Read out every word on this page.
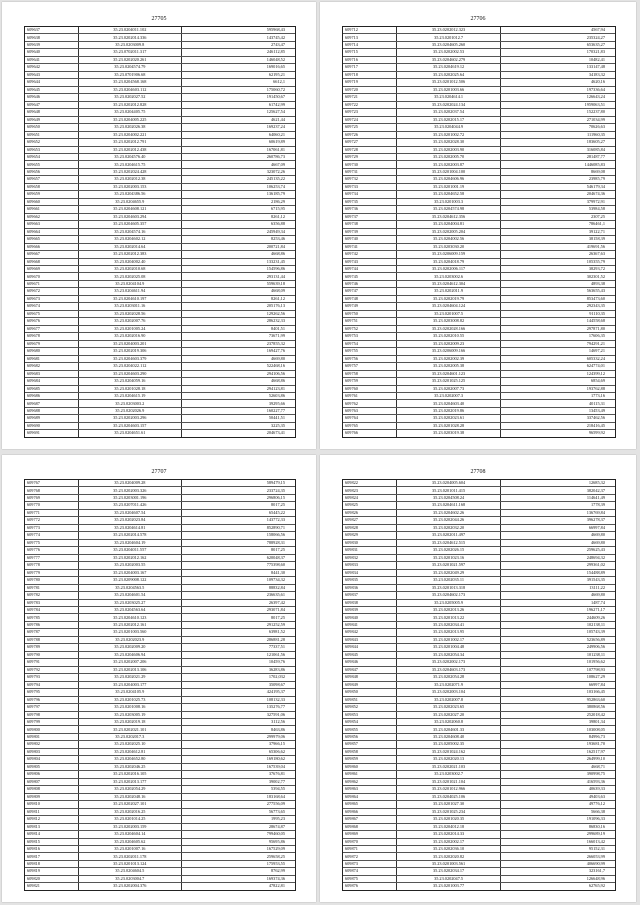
27705
609637	35.23.0204011.102	595968,43
609638	35.23.0202014.336	143745,42
609639	35.23.0203009.8	2743,47
609640	35.23.0702011.317	246112,85
609641	35.23.0202020.261	146048,52
609642	35.23.0204574.79	169016,65
609643	35.23.0701906.68	62195,21
609644	35.23.0204568.168	6612,1
609645	35.23.0204603.112	175060,72
609646	35.23.0202027.52	191450,67
609647	35.23.0202012.828	61742,99
609648	35.23.0204405.75	125627,54
609649	35.23.0204005.225	4621,44
609650	35.23.0202026.38	169237,24
609651	35.23.0204002.221	64060,21
609652	35.23.0202012.791	60619,89
609653	35.23.0202012.438	167061,81
609654	35.23.0204576.40	260786,73
609655	35.23.0204615.75	4667,09
609656	35.23.0202024.428	323072,26
609657	35.23.0202012.38	245135,22
609658	35.23.0202003.153	106253,74
609659	35.23.0204386.56	136185,79
609660	35.23.0204655.9	2186,29
609661	35.23.0204608.121	6715,95
609662	35.23.0204603.294	8261,12
609663	35.23.0204605.357	6356,88
609664	35.23.0204574.16	245949,34
609665	35.23.0204602.12	8253,46
609666	35.23.0202014.64	200721,84
609667	35.23.0202012.383	4668,86
609668	35.23.0204002.40	133231,45
609669	35.23.0202010.68	154596,86
609670	35.23.0202025.08	293131,44
609671	35.23.0204104.9	559639,18
609672	35.23.0204611.94	4668,09
609673	35.23.0204610.197	8261,12
609674	35.23.0203011.16	205176,13
609675	35.23.0202028.56	129262,56
609676	35.23.0202007.76	286232,33
609677	35.23.0201005.24	8401,51
609678	35.23.0202016.90	73671,99
609679	35.23.0204003.201	237855,32
609680	35.23.0202019.306	169427,76
609681	35.23.0204603.379	4669,80
609682	35.23.0204022.112	522468,16
609683	35.23.0204603.290	294106,56
609684	35.23.0204059.16	4668,86
609685	35.23.0201028.18	294123,81
609686	35.23.0204615.19	52603,86
609687	35.23.0203003.2	39295,66
609688	35.23.0202026.9	160227,77
609689	35.23.0202003.296	50441,51
609690	35.23.0204603.157	3225,35
609691	35.23.0204651.61	204673,41
27706
609712	35.23.0202012.323	4567,94
609713	35.23.0201012.7	235324,27
609714	35.23.0204605.260	653635,27
609715	35.23.0202002.53	170321,83
609716	35.23.0204602.279	10482,41
609717	35.23.0204619.12	133147,48
609718	35.23.0202025.64	34183,32
609719	35.23.0201012.506	4620,16
609720	35.23.0201003.66	197336,64
609721	35.23.0204614.1	126643,24
609722	35.23.0202024.134	1959063,51
609723	35.23.0202037.54	152237,80
609724	35.23.0202015.17	271034,99
609725	35.23.0204044.9	70626,63
609726	35.23.0201002.72	111960,35
609727	35.23.0202028.30	183605,27
609728	35.23.0202003.90	316085,84
609729	35.23.0202005.70	281487,77
609730	35.23.0202003.87	1446085,83
609731	35.23.0201004.100	8669,08
609732	35.23.0204606.96	23985,79
609733	35.23.0201001.19	546179,34
609734	35.23.0204652.58	204674,36
609735	35.23.0201003.3	379972,91
609736	35.23.0204574.98	53984,58
609737	35.23.0204612.356	2307,25
609738	35.23.0204004.81	786461,1
609739	35.23.0202005.204	39122,71
609740	35.23.0204002.56	38158,39
609741	35.23.0203030.20	419691,56
609742	35.23.0206009.159	26367,63
609743	35.23.0204018.79	105355,79
609744	35.23.0202006.117	38293,72
609745	35.23.0203002.6	302301,52
609746	35.23.0204612.304	4893,38
609747	35.23.0202011.9	563655,43
609748	35.23.0202019.79	853473,60
609749	35.23.0204604.124	292343,35
609750	35.23.0201007.5	91110,35
609751	35.23.0203008.82	144558,68
609752	35.23.0202028.166	297871,80
609753	35.23.0202010.55	17606,35
609754	35.23.0202009.23	794291,21
609755	35.23.0206009.166	14697,21
609756	35.23.0202002.39	605332,24
609757	35.23.0202005.38	624774,01
609758	35.23.0204601.123	124399,12
609759	35.23.0201025.125	6854,69
609760	35.23.0202007.73	193762,88
609761	35.23.0202007.3	1773,16
609762	35.23.0204603.40	40115,31
609763	35.23.0202019.86	13453,49
609764	35.23.0202023.61	337462,56
609765	35.23.0201028.28	218416,45
609766	35.23.0203019.38	96599,92
27707
609767	35.23.0204009.28	589479,15
609768	35.23.0202003.326	233724,35
609769	35.23.0203001.196	296806,15
609770	35.23.0207011.426	8017,25
609771	35.23.0204607.54	65445,22
609772	35.23.0202023.84	143772,33
609773	35.23.0204614.81	852890,71
609774	35.23.0202014.578	158066,56
609775	35.23.0204604.19	788928,31
609776	35.23.0204011.557	8017,25
609777	35.23.0202012.162	620048,37
609778	35.23.0202003.55	775398,60
609779	35.23.0204003.167	8441,30
609780	35.23.0209008.122	109734,32
609781	35.23.0204563.5	88832,84
609782	35.23.0204601.54	236635,61
609783	35.23.0203025.27	26397,42
609784	35.23.0204563.64	293071,84
609785	35.23.0204610.123	8017,25
609786	35.23.0202012.161	291252,59
609787	35.23.0201003.560	63981,52
609788	35.23.0202023.9	286881,28
609789	35.23.0202009.20	77337,51
609790	35.23.0204606.94	121061,56
609791	35.23.0202007.206	10459,76
609792	35.23.0202013.106	36283,86
609793	35.23.0202021.29	1702,032
609794	35.23.0204003.177	35098,67
609795	35.23.0204105.9	424195,37
609796	35.23.0201025.73	108132,33
609797	35.23.0201008.16	135276,77
609798	35.23.0203005.19	327591,06
609799	35.23.0202019.18	3112,56
609800	35.23.0202021.101	8463,86
609801	35.23.0202017.3	299979,06
609802	35.23.0202025.10	37966,15
609803	35.23.0204612.81	65306,62
609804	35.23.0204652.80	169180,62
609805	35.23.0202046.25	167539,04
609806	35.23.0202016.105	37676,81
609807	35.23.0202013.177	39002,77
609808	35.23.0202054.29	5394,55
609809	35.23.0202048.16	183168,64
609810	35.23.0202027.101	277556,09
609811	35.23.0202016.25	56773,65
609812	35.23.0201014.25	1995,23
609813	35.23.0202003.159	28674,87
609814	35.23.0204604.14	799460,05
609815	35.23.0204605.62	95695,86
609816	35.23.0201007.16	167529,09
609817	35.23.0202011.178	259658,25
609818	35.23.0201013.124	175953,55
609819	35.23.0204604.5	8762,99
609820	35.23.0203004.7	169374,36
609821	35.23.0202004.376	47822,81
27708
609822	35.23.0204005.604	12685,32
609823	35.23.0201011.415	382042,37
609824	35.23.0204508.24	114641,49
609825	35.23.0204611.168	1778,39
609826	35.23.0204602.26	136769,84
609827	35.23.0202044.26	396278,37
609828	35.23.0202032.20	66997,84
609829	35.23.0202011.497	4669,80
609830	35.23.0204612.515	4669,80
609831	35.23.0202026.15	259625,43
609832	35.23.0201023.16	248694,32
609833	35.23.0201021.597	299361,02
609834	35.23.0202049.29	154488,89
609835	35.23.0202035.11	391543,35
609836	35.23.0201013.318	13111,22
609837	35.23.0204602.173	4669,80
609838	35.23.0205005.9	1487,74
609839	35.23.0202013.26	196271,17
609840	35.23.0201013.22	244609,26
609841	35.23.0202034.41	102138,11
609842	35.23.0202013.95	105743,39
609843	35.23.0201002.17	523656,89
609844	35.23.0201004.48	249906,56
609845	35.23.0202054.34	101238,11
609846	35.23.0202002.173	101956,62
609847	35.23.0204603.173	107798,93
609848	35.23.0202054.28	108627,29
609849	35.23.0202071.9	66997,84
609850	35.23.0202003.104	103166,45
609851	35.23.0202007.8	952863,60
609852	35.23.0202023.65	380868,56
609853	35.23.0202027.20	252018,42
609854	35.23.0202060.8	39801,34
609855	35.23.0204601.33	103008,05
609856	35.23.0204608.40	84996,73
609857	35.23.0205002.35	193681,70
609858	35.23.0201024.162	162517,97
609859	35.23.0202020.13	264999,10
609860	35.23.0202021.103	4668,71
609861	35.23.0203002.7	390998,75
609862	35.23.0201021.104	416593,36
609863	35.23.0201012.966	40639,33
609864	35.23.0204025.106	49403,63
609865	35.23.0201027.30	49776,12
609866	35.23.0201025.234	5666,38
609867	35.23.0201020.35	191096,33
609868	35.23.0204012.18	86830,16
609869	35.23.0202014.33	299689,19
609870	35.23.0202002.17	166013,42
609871	35.23.0202036.10	95152,31
609872	35.23.0202020.82	266053,99
609873	35.23.0201003.561	406690,99
609874	35.23.0202034.17	323161,7
609875	35.23.0202047.5	126648,96
609876	35.23.0201003.77	62765,92
